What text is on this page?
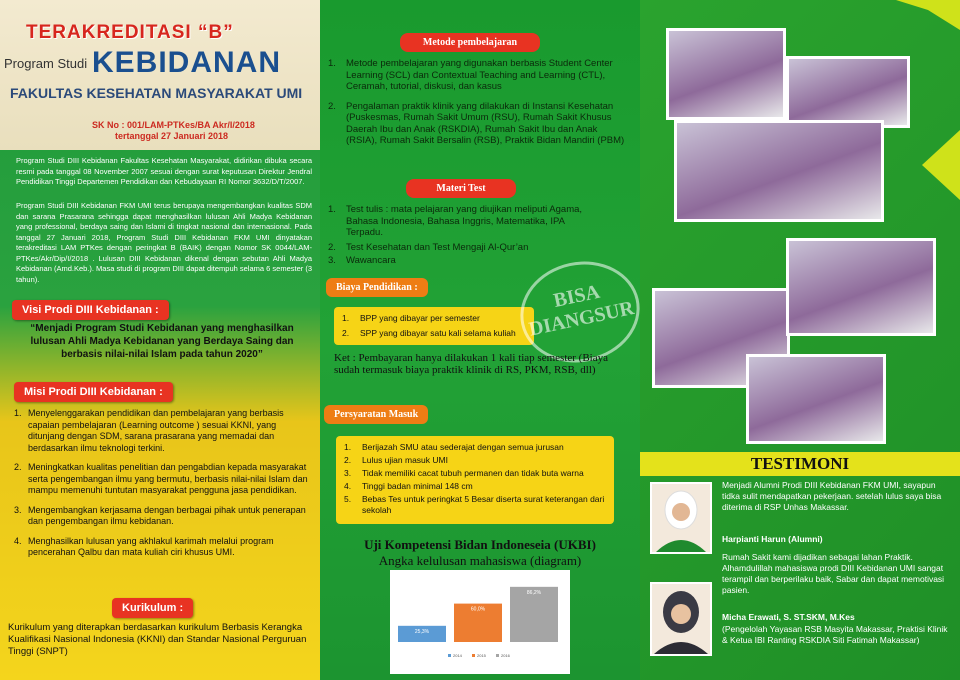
TERAKREDITASI “B”
Program Studi KEBIDANAN
FAKULTAS KESEHATAN MASYARAKAT UMI
SK No : 001/LAM-PTKes/BA Akr/I/2018
tertanggal 27 Januari 2018
Program Studi DIII Kebidanan Fakultas Kesehatan Masyarakat, didirikan dibuka secara resmi pada tanggal 08 November 2007 sesuai dengan surat keputusan Direktur Jendral Pendidikan Tinggi Departemen Pendidikan dan Kebudayaan RI Nomor 3632/D/T/2007.
Program Studi DIII Kebidanan FKM UMI terus berupaya mengembangkan kualitas SDM dan sarana Prasarana sehingga dapat menghasilkan lulusan Ahli Madya Kebidanan yang professional, berdaya saing dan Islami di tingkat nasional dan internasional. Pada tanggal 27 Januari 2018, Program Studi DIII Kebidanan FKM UMI dinyatakan terakreditasi LAM PTKes dengan peringkat B (BAIK) dengan Nomor SK 0044/LAM-PTKes/Akr/Dip/I/2018 . Lulusan DIII Kebidanan dikenal dengan sebutan Ahli Madya Kebidanan (Amd.Keb.). Masa studi di program DIII dapat ditempuh selama 6 semester (3 tahun).
Visi Prodi DIII Kebidanan :
“Menjadi Program Studi Kebidanan yang menghasilkan lulusan Ahli Madya Kebidanan yang Berdaya Saing dan berbasis nilai-nilai Islam pada tahun 2020”
Misi Prodi DIII Kebidanan :
1. Menyelenggarakan pendidikan dan pembelajaran yang berbasis capaian pembelajaran (Learning outcome ) sesuai KKNI, yang ditunjang dengan SDM, sarana prasarana yang memadai dan berdasarkan ilmu teknologi terkini.
2. Meningkatkan kualitas penelitian dan pengabdian kepada masyarakat serta pengembangan ilmu yang bermutu, berbasis nilai-nilai Islam dan mampu memenuhi tuntutan masyarakat pengguna jasa pendidikan.
3. Mengembangkan kerjasama dengan berbagai pihak untuk penerapan dan pengembangan ilmu kebidanan.
4. Menghasilkan lulusan yang akhlakul karimah melalui program pencerahan Qalbu dan mata kuliah ciri khusus UMI.
Kurikulum :
Kurikulum yang diterapkan berdasarkan kurikulum Berbasis Kerangka Kualifikasi Nasional Indonesia (KKNI) dan Standar Nasional Perguruan Tinggi (SNPT)
Metode pembelajaran
1.	Metode pembelajaran yang digunakan berbasis Student Center Learning (SCL) dan Contextual Teaching and Learning (CTL), Ceramah, tutorial, diskusi, dan kasus
2.	Pengalaman praktik klinik yang dilakukan di Instansi Kesehatan (Puskesmas, Rumah Sakit Umum (RSU), Rumah Sakit Khusus Daerah Ibu dan Anak (RSKDIA), Rumah Sakit Ibu dan Anak (RSIA), Rumah Sakit Bersalin (RSB), Praktik Bidan Mandiri (PBM)
Materi Test
1.	Test tulis : mata pelajaran yang diujikan meliputi Agama, Bahasa Indonesia, Bahasa Inggris, Matematika, IPA Terpadu.
2.	Test Kesehatan dan Test Mengaji Al-Qur’an
3.	Wawancara
Biaya Pendidikan :
1.	BPP yang dibayar per semester
2.	SPP yang dibayar satu kali selama kuliah
BISA DIANGSUR
Ket : Pembayaran hanya dilakukan 1 kali tiap semester (Biaya sudah termasuk biaya praktik klinik di RS, PKM, RSB, dll)
Persyaratan Masuk
1.	Berijazah SMU atau sederajat dengan semua jurusan
2.	Lulus ujian masuk UMI
3.	Tidak memiliki cacat tubuh permanen dan tidak buta warna
4.	Tinggi badan minimal 148 cm
5.	Bebas Tes untuk peringkat 5 Besar diserta surat keterangan dari sekolah
Uji Kompetensi Bidan Indoneseia (UKBI)
Angka kelulusan mahasiswa (diagram)
25,3%
2014
60,0%
2015
86,2%
2016
TESTIMONI
Menjadi Alumni Prodi DIII Kebidanan FKM UMI, sayapun tidka sulit mendapatkan pekerjaan. setelah lulus saya bisa diterima di RSP Unhas Makassar.
Harpianti Harun (Alumni)
Rumah Sakit kami dijadikan sebagai lahan Praktik. Alhamdulillah mahasiswa prodi DIII Kebidanan UMI sangat terampil dan berperilaku baik, Sabar dan dapat memotivasi pasien.
Micha Erawati, S. ST.SKM, M.Kes
(Pengelolah Yayasan RSB Masyita Makassar, Praktisi Klinik & Ketua IBI Ranting RSKDIA Siti Fatimah Makassar)
